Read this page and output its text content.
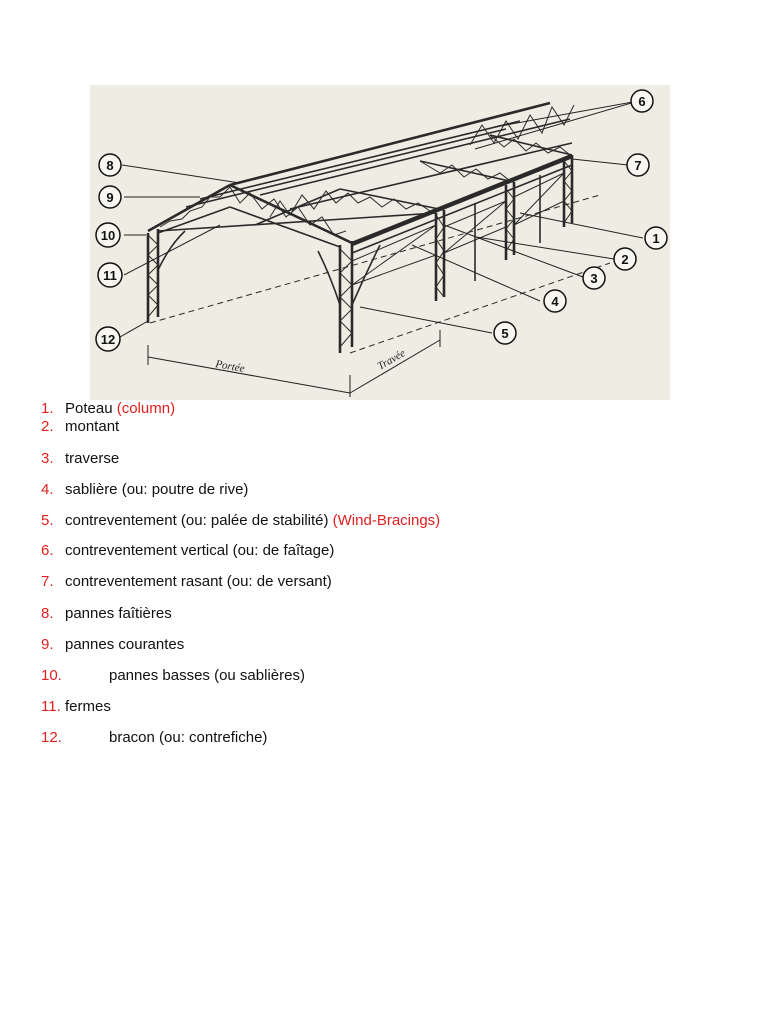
Portée	Travée
6
7
1
2
3
4
5
8
9
10
11
12
1. Poteau (column)
2. montant
3. traverse
4. sablière (ou: poutre de rive)
5. contreventement (ou: palée de stabilité) (Wind-Bracings)
6. contreventement vertical (ou: de faîtage)
7. contreventement rasant (ou: de versant)
8. pannes faîtières
9. pannes courantes
10.	pannes basses (ou sablières)
11. fermes
12.	bracon (ou: contrefiche)
